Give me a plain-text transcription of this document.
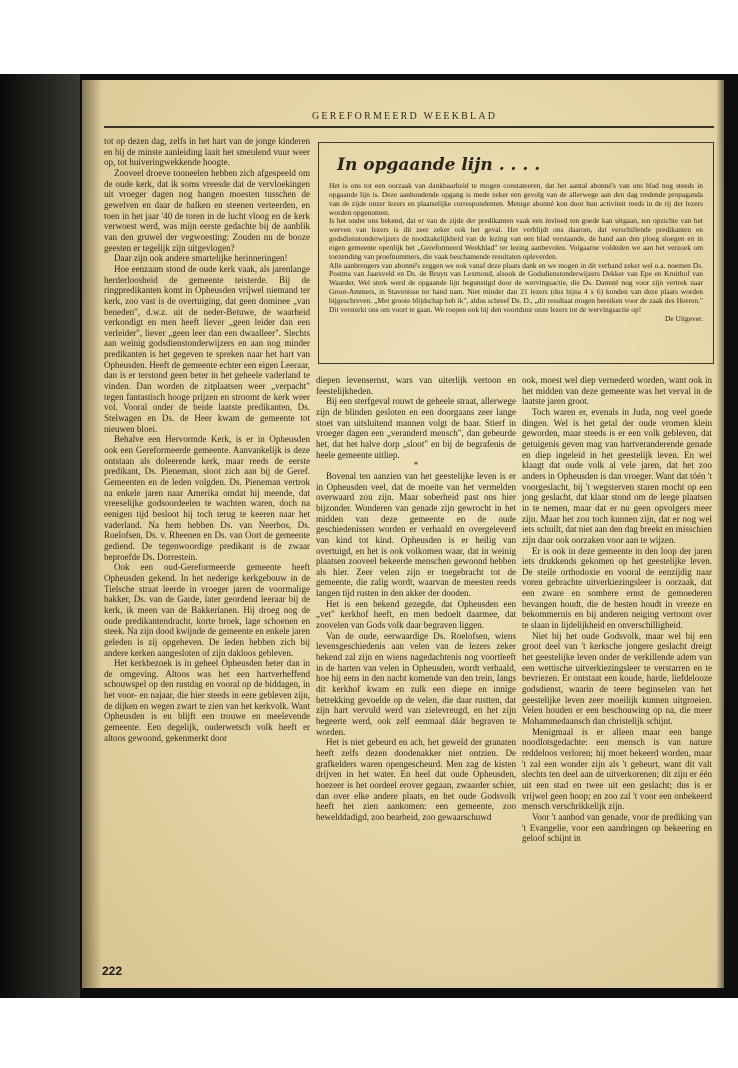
GEREFORMEERD WEEKBLAD

tot op dezen dag, zelfs in het hart van de jonge kinderen en bij de minste aanleiding laait het smeulend vuur weer op, tot huiveringwekkende hoogte.

Zooveel droeve tooneelen hebben zich afgespeeld om de oude kerk, dat ik soms vreesde dat de vervloekingen uit vroeger dagen nog hangen moesten tusschen de gewelven en daar de balken en steenen verteerden, en toen in het jaar '40 de toren in de lucht vloog en de kerk verwoest werd, was mijn eerste gedachte bij de aanblik van den gruwel der vegwoesting: Zouden nu de booze geesten er tegelijk zijn uitgevlogen?

Daar zijn ook andere smartelijke herinneringen!

Hoe eenzaam stond de oude kerk vaak, als jarenlange herderloosheid de gemeente teisterde. Bij de ringpredikanten komt in Opheusden vrijwel niemand ter kerk, zoo vast is de overtuiging, dat geen dominee „van beneden", d.w.z. uit de neder-Betuwe, de waarheid verkondigt en men heeft liever „geen leider dan een verleider", liever „geen leer dan een dwaalleer". Slechts aan weinig godsdienstonderwijzers en aan nog minder predikanten is het gegeven te spreken naar het hart van Opheusden. Heeft de gemeente echter een eigen Leeraar, dan is er terstond geen beter in het geheele vaderland te vinden. Dan worden de zitplaatsen weer „verpacht" tegen fantastisch hooge prijzen en stroomt de kerk weer vol. Vooral onder de beide laatste predikanten, Ds. Stelwagen en Ds. de Heer kwam de gemeente tot nieuwen bloei.

Behalve een Hervormde Kerk, is er in Opheusden ook een Gereformeerde gemeente. Aanvankelijk is deze ontstaan als doleerende kerk, maar reeds de eerste predikant, Ds. Pieneman, sloot zich aan bij de Geref. Gemeenten en de leden volgden. Ds. Pieneman vertrok na enkele jaren naar Amerika omdat hij meende, dat vreeselijke godsoordeelen te wachten waren, doch na eenigen tijd besloot hij toch terug te keeren naar het vaderland. Na hem hebben Ds. van Neerbos, Ds. Roelofsen, Ds. v. Rheenen en Ds. van Oort de gemeente gediend. De tegenwoordige predikant is de zwaar beproefde Ds. Dorrestein.

Ook een oud-Gereformeerde gemeente heeft Opheusden gekend. In het nederige kerkgebouw in de Tielsche straat leerde in vroeger jaren de voormalige bakker, Ds. van de Garde, later geordend leeraar bij de kerk, ik meen van de Bakkerianen. Hij droeg nog de oude predikantendracht, korte broek, lage schoenen en steek. Na zijn dood kwijnde de gemeente en enkele jaren geleden is zij opgeheven. De leden hebben zich bij andere kerken aangesloten of zijn dakloos gebleven.

Het kerkbezoek is in geheel Opheusden beter dan in de omgeving. Altoos was het een hartverheffend schouwspel op den rustdag en vooral op de biddagen, in het voor- en najaar, die hier steeds in eere gebleven zijn, de dijken en wegen zwart te zien van het kerkvolk. Want Opheusden is en blijft een trouwe en meelevende gemeente. Een degelijk, ouderwetsch volk heeft er altoos gewoond, gekenmerkt door

In opgaande lijn . . . .

Het is ons tot een oorzaak van dankbaarheid te mogen constateeren, dat het aantal abonné's van ons blad nog steeds in opgaande lijn is. Deze aanhoudende opgang is mede zeker een gevolg van de allerwege aan den dag tredende propaganda van de zijde onzer lezers en plaatselijke correspondenten. Menige abonné kon door hun activiteit reeds in de rij der lezers worden opgenomen.

Is het onder ons bekend, dat er van de zijde der predikanten vaak een invloed ten goede kan uitgaan, ten opzichte van het werven van lezers is dit zeer zeker ook het geval. Het verblijdt ons daarom, dat verschillende predikanten en godsdienstonderwijzers de noodzakelijkheid van de lezing van een blad verstaande, de hand aan den ploeg sloegen en in eigen gemeente openlijk het „Gereformeerd Weekblad" ter lezing aanbevolen. Volgaarne voldeden we aan het verzoek om toezending van proefnummers, die vaak beschamende resultaten opleverden.

Alle aanbrengers van abonné's zeggen we ook vanaf deze plaats dank en we mogen in dit verband zeker wel o.a. noemen Ds. Postma van Jaarsveld en Ds. de Bruyn van Lexmond, alsook de Godsdienstonderwijzers Dekker van Epe en Kruithof van Waarder. Wel sterk werd de opgaande lijn begunstigd door de wervingsactie, die Ds. Damsté nog voor zijn vertrek naar Groot-Ammers, in Stavenisse ter hand nam. Niet minder dan 21 lezers (dus bijna 4 x 6) konden van deze plaats worden bijgeschreven. „Met groote blijdschap heb ik", aldus schreef Ds. D., „dit resultaat mogen bereiken voor de zaak des Heeren." Dit versterkt ons om voort te gaan. We roepen ook bij den voortduur onze lezers tot de wervingsactie op!

De Uitgever.

diepen levensernst, wars van uiterlijk vertoon en feestelijkheden.

Bij een sterfgeval rouwt de geheele straat, allerwege zijn de blinden gesloten en een doorgaans zeer lange stoet van uitsluitend mannen volgt de baar. Stierf in vroeger dagen een „veranderd mensch", dan gebeurde het, dat het halve dorp „sloot" en bij de begrafenis de heele gemeente uitliep.

*

Bovenal ten aanzien van het geestelijke leven is er in Opheusden veel, dat de moeite van het vermelden overwaard zou zijn. Maar soberheid past ons hier bijzonder. Wonderen van genade zijn gewrocht in het midden van deze gemeente en de oude geschiedenissen worden er verhaald en overgeleverd van kind tot kind. Opheusden is er heilig van overtuigd, en het is ook volkomen waar, dat in weinig plaatsen zooveel bekeerde menschen gewoond hebben als hier. Zeer velen zijn er toegebracht tot de gemeente, die zalig wordt, waarvan de meesten reeds langen tijd rusten in den akker der dooden.

Het is een bekend gezegde, dat Opheusden een „vet" kerkhof heeft, en men bedoelt daarmee, dat zoovelen van Gods volk daar begraven liggen.

Van de oude, eerwaardige Ds. Roelofsen, wiens levensgeschiedenis aan velen van de lezers zeker bekend zal zijn en wiens nagedachtenis nog voortleeft in de harten van velen in Opheusden, wordt verhaald, hoe hij eens in den nacht komende van den trein, langs dit kerkhof kwam en zulk een diepe en innige betrekking gevoelde op de velen, die daar rustten, dat zijn hart vervuld werd van zielevreugd, en het zijn begeerte werd, ook zelf eenmaal dáár begraven te worden.

Het is niet gebeurd en ach, het geweld der granaten heeft zelfs dezen doodenakker niet ontzien. De grafkelders waren opengescheurd. Men zag de kisten drijven in het water. En heel dat oude Opheusden, hoezeer is het oordeel erover gegaan, zwaarder schier, dan over elke andere plaats, en het oude Godsvolk heeft het zien aankomen: een gemeente, zoo bewelddadigd, zoo bearbeid, zoo gewaarschuwd

ook, moest wel diep vernederd worden, want ook in het midden van deze gemeente was het verval in de laatste jaren groot.

Toch waren er, evenals in Juda, nog veel goede dingen. Wel is het getal der oude vromen klein geworden, maar steeds is er een volk gebleven, dat getuigenis geven mag van hartveranderende genade en diep ingeleid in het geestelijk leven. En wel klaagt dat oude volk al vele jaren, dat het zoo anders in Opheusden is dan vroeger. Want dat tóén 't voorgeslacht, bij 't wegsterven staren mocht op een jong geslacht, dat klaar stond om de leege plaatsen in te nemen, maar dat er nu geen opvolgers meer zijn. Maar het zou toch kunnen zijn, dat er nog wel iets schuilt, dat niet aan den dag breekt en misschien zijn daar ook oorzaken voor aan te wijzen.

Er is ook in deze gemeente in den loop der jaren iets drukkends gekomen op het geestelijke leven. De steile orthodoxie en vooral de eenzijdig naar voren gebrachte uitverkiezingsleer is oorzaak, dat een zware en sombere ernst de gemoederen bevangen houdt, die de besten houdt in vreeze en bekommernis en bij anderen neiging vertoont over te slaan in lijdelijkheid en onverschilligheid.

Niet bij het oude Godsvolk, maar wel bij een groot deel van 't kerksche jongere geslacht dreigt het geestelijke leven onder de verkillende adem van een wettische uitverkiezingsleer te verstarren en te bevriezen. Er ontstaat een koude, harde, liefdelooze godsdienst, waarin de teere beginselen van het geestelijke leven zeer moeilijk kunnen uitgroeien. Velen houden er een beschouwing op na, die meer Mohammedaansch dan christelijk schijnt.

Menigmaal is er alleen maar een bange noodlotsgedachte: een mensch is van nature reddeloos verloren; hij moet bekeerd worden, maar 't zal een wonder zijn als 't gebeurt, want dit valt slechts ten deel aan de uitverkorenen; dit zijn er één uit een stad en twee uit een geslacht; dus is er vrijwel geen hoop; en zoo zal 't voor een onbekeerd mensch verschrikkelijk zijn.

Voor 't aanbod van genade, voor de prediking van 't Evangelie, voor een aandringen op bekeering en geloof schijnt in

222
